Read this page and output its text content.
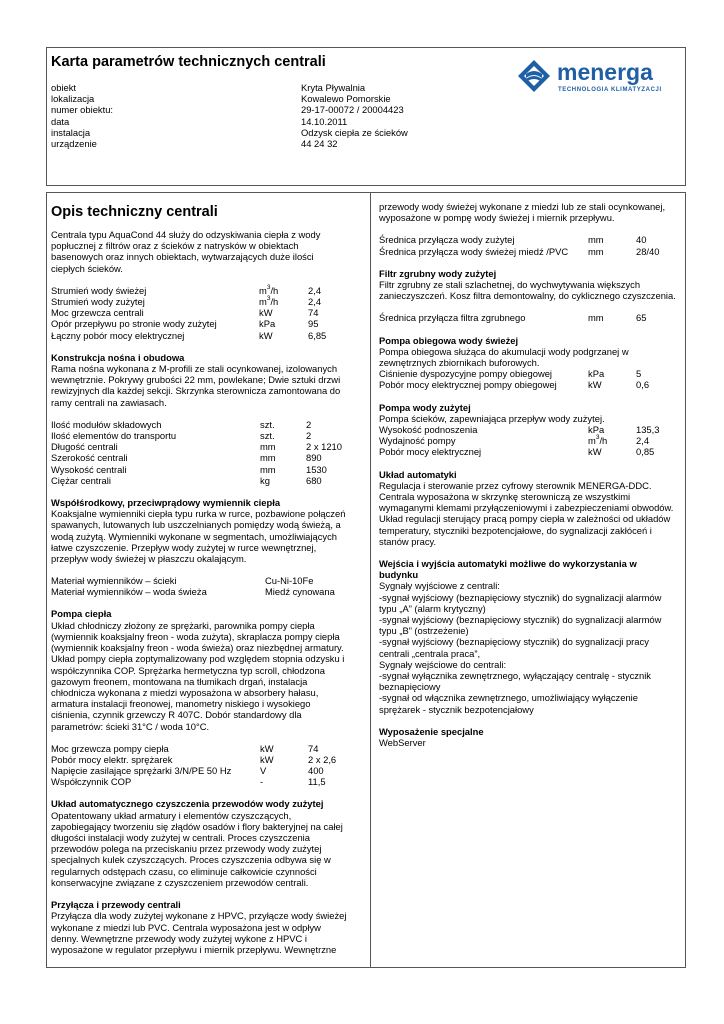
Karta parametrów technicznych centrali
obiekt	Kryta Pływalnia
lokalizacja	Kowalewo Pomorskie
numer obiektu:	29-17-00072 / 20004423
data	14.10.2011
instalacja	Odzysk ciepła ze ścieków
urządzenie	44 24 32
menerga
TECHNOLOGIA KLIMATYZACJI
Opis techniczny centrali

Centrala typu AquaCond 44 służy do odzyskiwania ciepła z wody

popłucznej z filtrów oraz z ścieków z natrysków w obiektach

basenowych oraz innych obiektach, wytwarzających duże ilości

ciepłych ścieków.

Strumień wody świeżej	$m^3/h$	2,4
Strumień wody zużytej	$m^3/h$	2,4
Moc grzewcza centrali	kW	74
Opór przepływu po stronie wody zużytej	kPa	95
Łączny pobór mocy elektrycznej	kW	6,85

Konstrukcja nośna i obudowa

Rama nośna wykonana z M-profili ze stali ocynkowanej, izolowanych

wewnętrznie. Pokrywy grubości 22 mm, powlekane; Dwie sztuki drzwi

rewizyjnych dla każdej sekcji. Skrzynka sterownicza zamontowana do

ramy centrali na zawiasach.

Ilość modułów składowych	szt.	2
Ilość elementów do transportu	szt.	2
Długość centrali	mm	2 x 1210
Szerokość centrali	mm	890
Wysokość centrali	mm	1530
Ciężar centrali	kg	680

Współśrodkowy, przeciwprądowy wymiennik ciepła

Koaksjalne wymienniki ciepła typu rurka w rurce, pozbawione połączeń

spawanych, lutowanych lub uszczelnianych pomiędzy wodą świeżą, a

wodą zużytą. Wymienniki wykonane w segmentach, umożliwiających

łatwe czyszczenie. Przepływ wody zużytej w rurce wewnętrznej,

przepływ wody świeżej w płaszczu okalającym.

Materiał wymienników – ścieki	Cu-Ni-10Fe
Materiał wymienników – woda świeża	Miedź cynowana

Pompa ciepła

Układ chłodniczy złożony ze sprężarki, parownika pompy ciepła

(wymiennik koaksjalny freon - woda zużyta), skraplacza pompy ciepła

(wymiennik koaksjalny freon - woda świeża) oraz niezbędnej armatury.

Układ pompy ciepła zoptymalizowany pod względem stopnia odzysku i

współczynnika COP. Sprężarka hermetyczna typ scroll, chłodzona

gazowym freonem, montowana na tłumikach drgań, instalacja

chłodnicza wykonana z miedzi wyposażona w absorbery hałasu,

armatura instalacji freonowej, manometry niskiego i wysokiego

ciśnienia, czynnik grzewczy R 407C. Dobór standardowy dla

parametrów: ścieki 31°C / woda 10°C.

Moc grzewcza pompy ciepła	kW	74
Pobór mocy elektr. sprężarek	kW	2 x 2,6
Napięcie zasilające sprężarki 3/N/PE 50 Hz	V	400
Współczynnik COP	-	11,5

Układ automatycznego czyszczenia przewodów wody zużytej

Opatentowany układ armatury i elementów czyszczących,

zapobiegający tworzeniu się złądów osadów i flory bakteryjnej na całej

długości instalacji wody zużytej w centrali. Proces czyszczenia

przewodów polega na przeciskaniu przez przewody wody zużytej

specjalnych kulek czyszczących. Proces czyszczenia odbywa się w

regularnych odstępach czasu, co eliminuje całkowicie czynności

konserwacyjne związane z czyszczeniem przewodów centrali.

Przyłącza i przewody centrali

Przyłącza dla wody zużytej wykonane z HPVC, przyłącze wody świeżej

wykonane z miedzi lub PVC. Centrala wyposażona jest w odpływ

denny. Wewnętrzne przewody wody zużytej wykone z HPVC i

wyposażone w regulator przepływu i miernik przepływu. Wewnętrzne

przewody wody świeżej wykonane z miedzi lub ze stali ocynkowanej,

wyposażone w pompę wody świeżej i miernik przepływu.

Średnica przyłącza wody zużytej	mm	40
Średnica przyłącza wody świeżej miedź /PVC mm	28/40

Filtr zgrubny wody zużytej

Filtr zgrubny ze stali szlachetnej, do wychwytywania większych

zanieczyszczeń. Kosz filtra demontowalny, do cyklicznego czyszczenia.

Średnica przyłącza filtra zgrubnego	mm	65

Pompa obiegowa wody świeżej

Pompa obiegowa służąca do akumulacji wody podgrzanej w

zewnętrznych zbiornikach buforowych.

Ciśnienie dyspozycyjne pompy obiegowej	kPa	5
Pobór mocy elektrycznej pompy obiegowej	kW	0,6

Pompa wody zużytej

Pompa ścieków, zapewniająca przepływ wody zużytej.

Wysokość podnoszenia	kPa	135,3
Wydajność pompy	$m^3/h$	2,4
Pobór mocy elektrycznej	kW	0,85

Układ automatyki

Regulacja i sterowanie przez cyfrowy sterownik MENERGA-DDC.

Centrala wyposażona w skrzynkę sterowniczą ze wszystkimi

wymaganymi klemami przyłączeniowymi i zabezpieczeniami obwodów.

Układ regulacji sterujący pracą pompy ciepła w zależności od układów

temperatury, styczniki bezpotencjałowe, do sygnalizacji zakłóceń i

stanów pracy.

Wejścia i wyjścia automatyki możliwe do wykorzystania w

budynku

Sygnały wyjściowe z centrali:

-sygnał wyjściowy (beznapięciowy stycznik) do sygnalizacji alarmów

typu „A” (alarm krytyczny)

-sygnał wyjściowy (beznapięciowy stycznik) do sygnalizacji alarmów

typu „B” (ostrzeżenie)

-sygnał wyjściowy (beznapięciowy stycznik) do sygnalizacji pracy

centrali „centrala praca”,

Sygnały wejściowe do centrali:

-sygnał wyłącznika zewnętrznego, wyłączający centralę - stycznik

beznapięciowy

-sygnał od włącznika zewnętrznego, umożliwiający wyłączenie

sprężarek - stycznik bezpotencjałowy

Wyposażenie specjalne

WebServer
